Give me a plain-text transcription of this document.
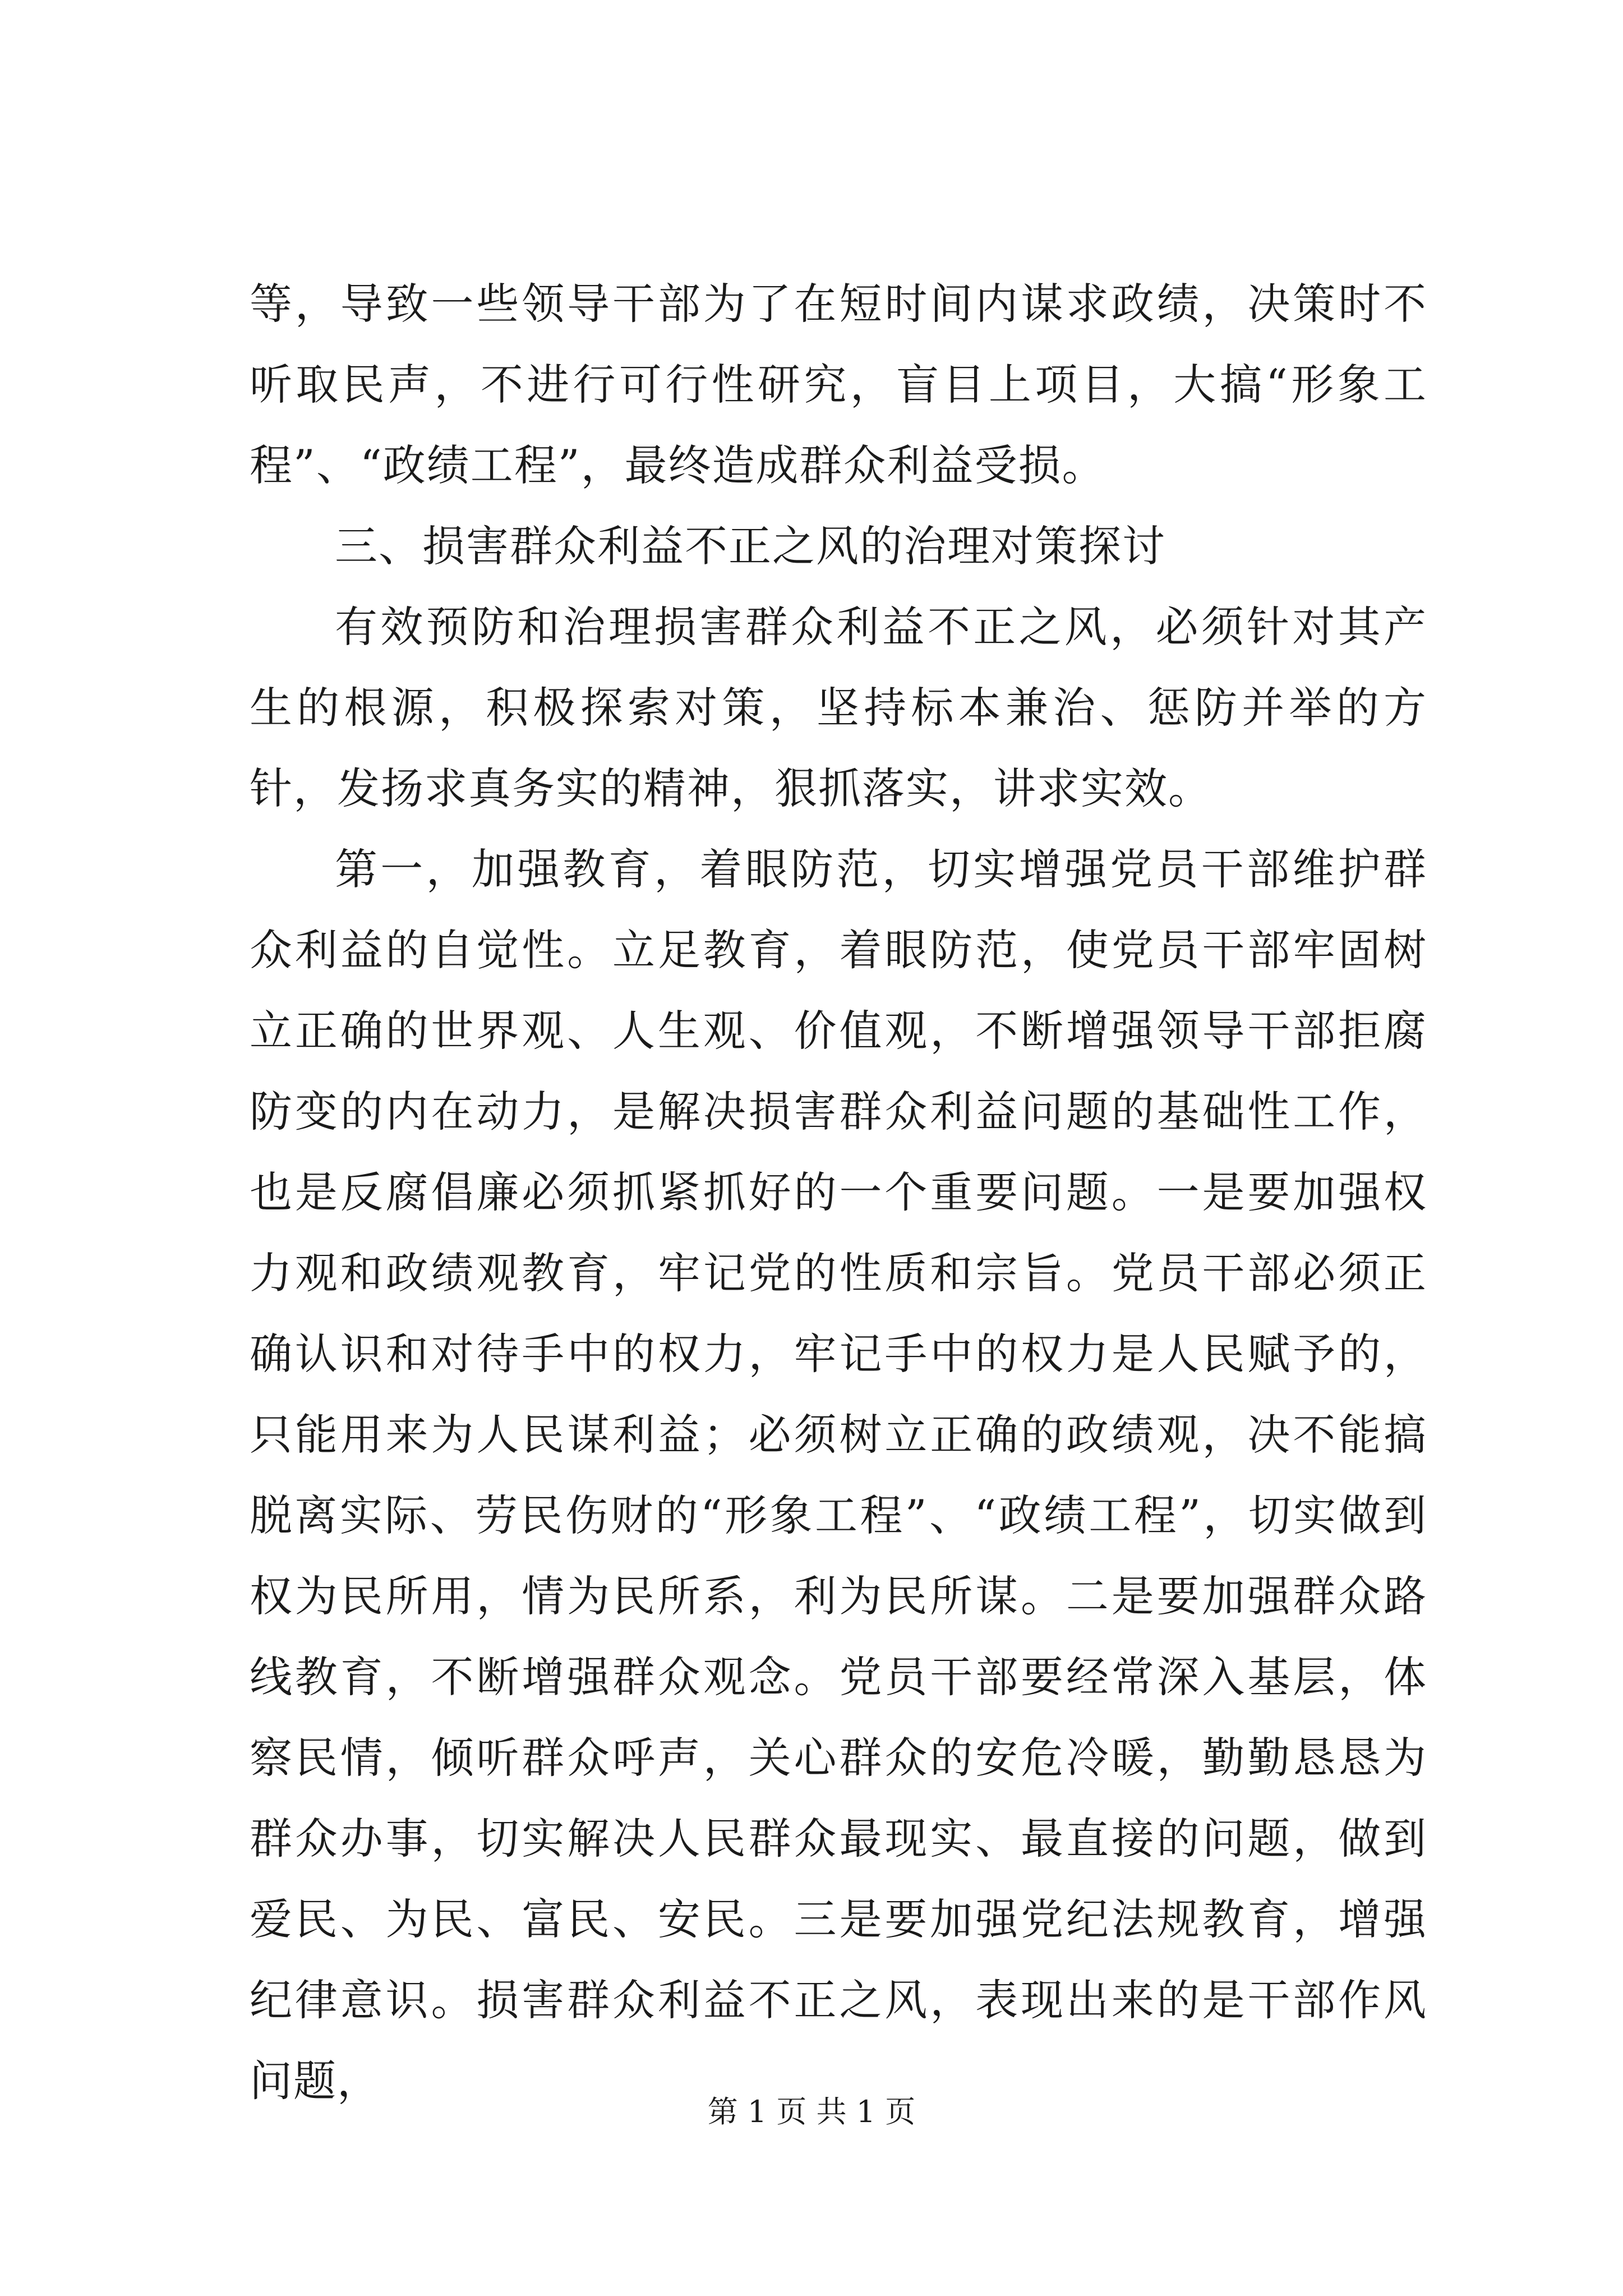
等，导致一些领导干部为了在短时间内谋求政绩，决策时不听取民声，不进行可行性研究，盲目上项目，大搞“形象工程”、“政绩工程”，最终造成群众利益受损。

三、损害群众利益不正之风的治理对策探讨

有效预防和治理损害群众利益不正之风，必须针对其产生的根源，积极探索对策，坚持标本兼治、惩防并举的方针，发扬求真务实的精神，狠抓落实，讲求实效。

第一，加强教育，着眼防范，切实增强党员干部维护群众利益的自觉性。立足教育，着眼防范，使党员干部牢固树立正确的世界观、人生观、价值观，不断增强领导干部拒腐防变的内在动力，是解决损害群众利益问题的基础性工作，也是反腐倡廉必须抓紧抓好的一个重要问题。一是要加强权力观和政绩观教育，牢记党的性质和宗旨。党员干部必须正确认识和对待手中的权力，牢记手中的权力是人民赋予的，只能用来为人民谋利益；必须树立正确的政绩观，决不能搞脱离实际、劳民伤财的“形象工程”、“政绩工程”，切实做到权为民所用，情为民所系，利为民所谋。二是要加强群众路线教育，不断增强群众观念。党员干部要经常深入基层，体察民情，倾听群众呼声，关心群众的安危冷暖，勤勤恳恳为群众办事，切实解决人民群众最现实、最直接的问题，做到爱民、为民、富民、安民。三是要加强党纪法规教育，增强纪律意识。损害群众利益不正之风，表现出来的是干部作风问题，

第 1 页 共 1 页
